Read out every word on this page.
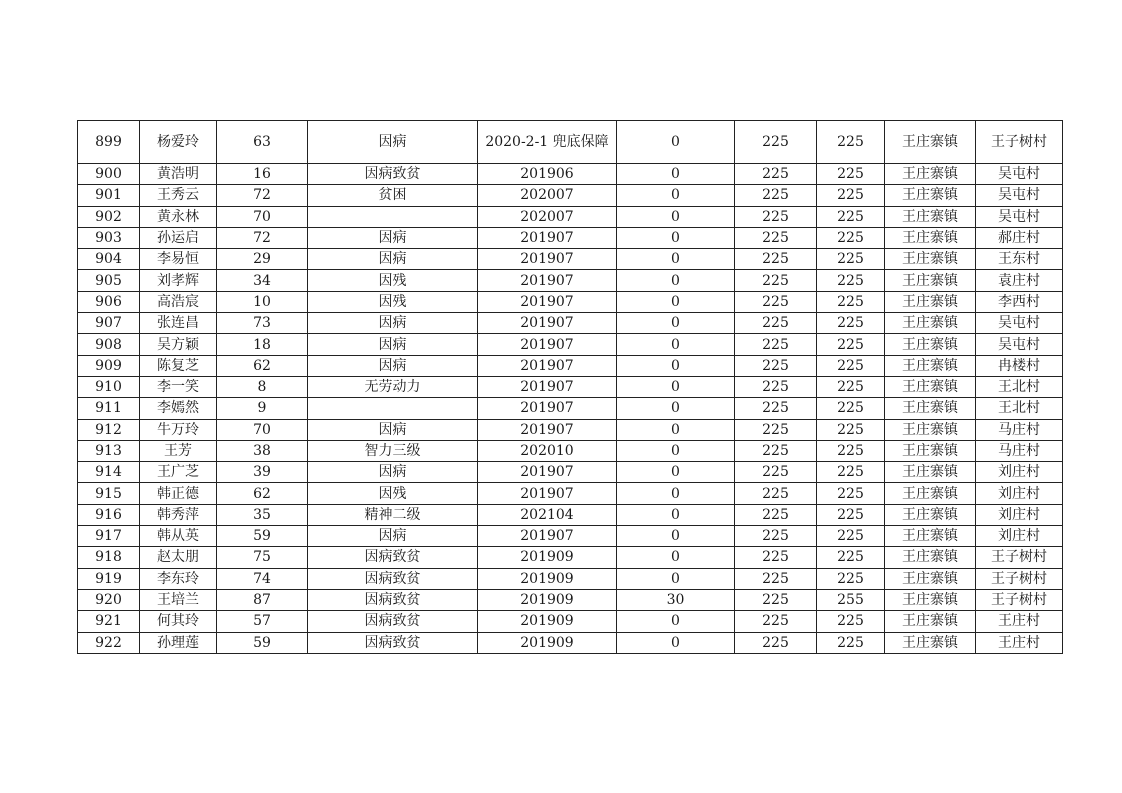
899	杨爱玲	63	因病	2020-2-1 兜底保障	0	225	225	王庄寨镇	王子树村
900	黄浩明	16	因病致贫	201906	0	225	225	王庄寨镇	吴屯村
901	王秀云	72	贫困	202007	0	225	225	王庄寨镇	吴屯村
902	黄永林	70		202007	0	225	225	王庄寨镇	吴屯村
903	孙运启	72	因病	201907	0	225	225	王庄寨镇	郝庄村
904	李易恒	29	因病	201907	0	225	225	王庄寨镇	王东村
905	刘孝辉	34	因残	201907	0	225	225	王庄寨镇	袁庄村
906	高浩宸	10	因残	201907	0	225	225	王庄寨镇	李西村
907	张连昌	73	因病	201907	0	225	225	王庄寨镇	吴屯村
908	吴方颖	18	因病	201907	0	225	225	王庄寨镇	吴屯村
909	陈复芝	62	因病	201907	0	225	225	王庄寨镇	冉楼村
910	李一笑	8	无劳动力	201907	0	225	225	王庄寨镇	王北村
911	李嫣然	9		201907	0	225	225	王庄寨镇	王北村
912	牛万玲	70	因病	201907	0	225	225	王庄寨镇	马庄村
913	王芳	38	智力三级	202010	0	225	225	王庄寨镇	马庄村
914	王广芝	39	因病	201907	0	225	225	王庄寨镇	刘庄村
915	韩正德	62	因残	201907	0	225	225	王庄寨镇	刘庄村
916	韩秀萍	35	精神二级	202104	0	225	225	王庄寨镇	刘庄村
917	韩从英	59	因病	201907	0	225	225	王庄寨镇	刘庄村
918	赵太朋	75	因病致贫	201909	0	225	225	王庄寨镇	王子树村
919	李东玲	74	因病致贫	201909	0	225	225	王庄寨镇	王子树村
920	王培兰	87	因病致贫	201909	30	225	255	王庄寨镇	王子树村
921	何其玲	57	因病致贫	201909	0	225	225	王庄寨镇	王庄村
922	孙理莲	59	因病致贫	201909	0	225	225	王庄寨镇	王庄村
